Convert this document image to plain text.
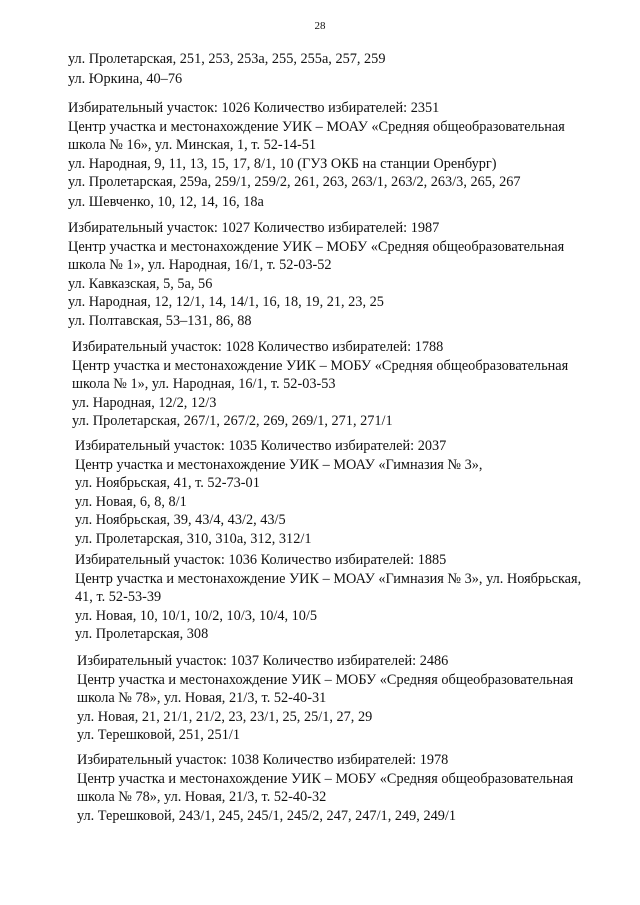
28
ул. Пролетарская, 251, 253, 253а, 255, 255а, 257, 259
ул. Юркина, 40–76
Избирательный участок: 1026 Количество избирателей: 2351
Центр участка и местонахождение УИК – МОАУ «Средняя общеобразовательная
школа № 16», ул. Минская, 1, т. 52-14-51
ул. Народная, 9, 11, 13, 15, 17, 8/1, 10 (ГУЗ ОКБ на станции Оренбург)
ул. Пролетарская, 259а, 259/1, 259/2, 261, 263, 263/1, 263/2, 263/3, 265, 267
ул. Шевченко, 10, 12, 14, 16, 18а
Избирательный участок: 1027 Количество избирателей: 1987
Центр участка и местонахождение УИК – МОБУ «Средняя общеобразовательная
школа № 1», ул. Народная, 16/1, т. 52-03-52
ул. Кавказская, 5, 5а, 56
ул. Народная, 12, 12/1, 14, 14/1, 16, 18, 19, 21, 23, 25
ул. Полтавская, 53–131, 86, 88
Избирательный участок: 1028 Количество избирателей: 1788
Центр участка и местонахождение УИК – МОБУ «Средняя общеобразовательная
школа № 1», ул. Народная, 16/1, т. 52-03-53
ул. Народная, 12/2, 12/3
ул. Пролетарская, 267/1, 267/2, 269, 269/1, 271, 271/1
Избирательный участок: 1035 Количество избирателей: 2037
Центр участка и местонахождение УИК – МОАУ «Гимназия № 3»,
ул. Ноябрьская, 41, т. 52-73-01
ул. Новая, 6, 8, 8/1
ул. Ноябрьская, 39, 43/4, 43/2, 43/5
ул. Пролетарская, 310, 310а, 312, 312/1
Избирательный участок: 1036 Количество избирателей: 1885
Центр участка и местонахождение УИК – МОАУ «Гимназия № 3», ул. Ноябрьская,
41, т. 52-53-39
ул. Новая, 10, 10/1, 10/2, 10/3, 10/4, 10/5
ул. Пролетарская, 308
Избирательный участок: 1037 Количество избирателей: 2486
Центр участка и местонахождение УИК – МОБУ «Средняя общеобразовательная
школа № 78», ул. Новая, 21/3, т. 52-40-31
ул. Новая, 21, 21/1, 21/2, 23, 23/1, 25, 25/1, 27, 29
ул. Терешковой, 251, 251/1
Избирательный участок: 1038 Количество избирателей: 1978
Центр участка и местонахождение УИК – МОБУ «Средняя общеобразовательная
школа № 78», ул. Новая, 21/3, т. 52-40-32
ул. Терешковой, 243/1, 245, 245/1, 245/2, 247, 247/1, 249, 249/1
